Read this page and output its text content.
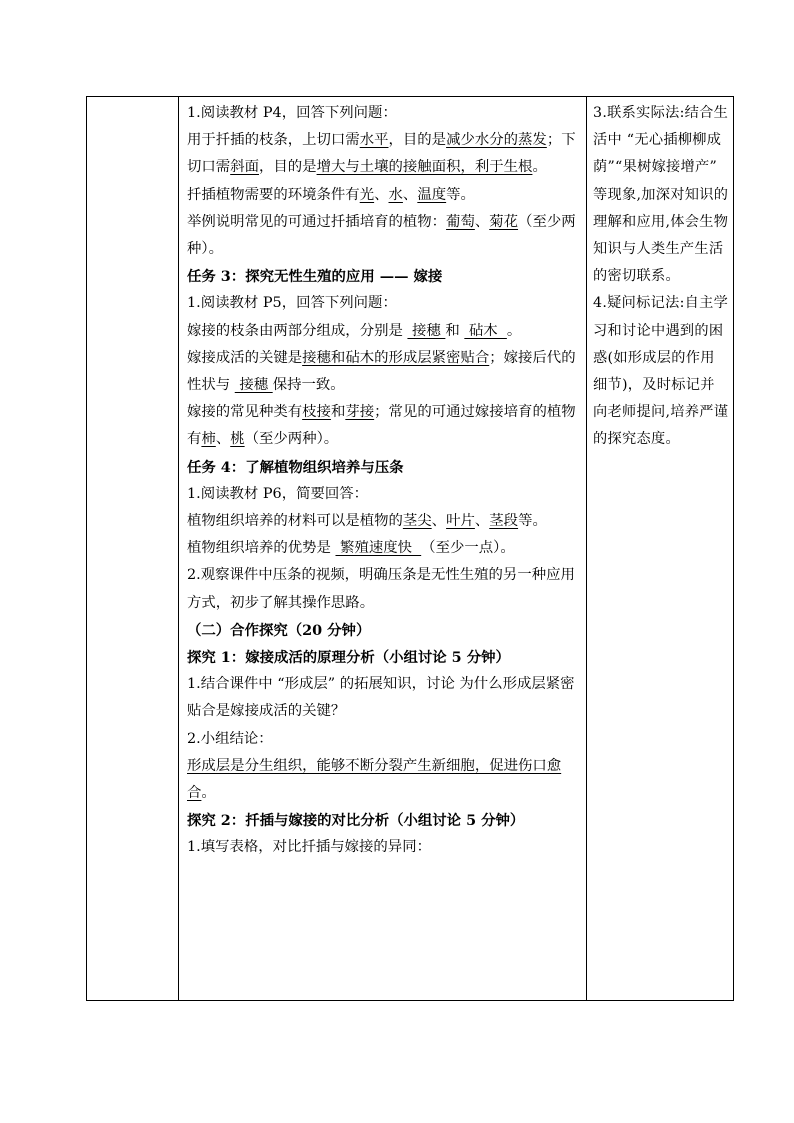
1.阅读教材 P4，回答下列问题：

用于扦插的枝条，上切口需水平，目的是减少水分的蒸发；下切口需斜面，目的是增大与土壤的接触面积，利于生根。

扦插植物需要的环境条件有光、水、温度等。

举例说明常见的可通过扦插培育的植物：葡萄、菊花（至少两种）。

任务 3：探究无性生殖的应用 —— 嫁接

1.阅读教材 P5，回答下列问题：

嫁接的枝条由两部分组成，分别是  接穗 和  砧木  。

嫁接成活的关键是接穗和砧木的形成层紧密贴合；嫁接后代的性状与  接穗 保持一致。

嫁接的常见种类有枝接和芽接；常见的可通过嫁接培育的植物有柿、桃（至少两种）。

任务 4：了解植物组织培养与压条

1.阅读教材 P6，简要回答：

植物组织培养的材料可以是植物的茎尖、叶片、茎段等。

植物组织培养的优势是  繁殖速度快  （至少一点）。

2.观察课件中压条的视频，明确压条是无性生殖的另一种应用方式，初步了解其操作思路。

（二）合作探究（20 分钟）

探究 1：嫁接成活的原理分析（小组讨论 5 分钟）

1.结合课件中 “形成层” 的拓展知识，讨论 为什么形成层紧密贴合是嫁接成活的关键？

2.小组结论：

形成层是分生组织，能够不断分裂产生新细胞，促进伤口愈合。

探究 2：扦插与嫁接的对比分析（小组讨论 5 分钟）

1.填写表格，对比扦插与嫁接的异同：

3.联系实际法:结合生活中 “无心插柳柳成荫”“果树嫁接增产” 等现象,加深对知识的理解和应用,体会生物知识与人类生产生活的密切联系。

4.疑问标记法:自主学习和讨论中遇到的困惑(如形成层的作用细节)，及时标记并向老师提问,培养严谨的探究态度。
